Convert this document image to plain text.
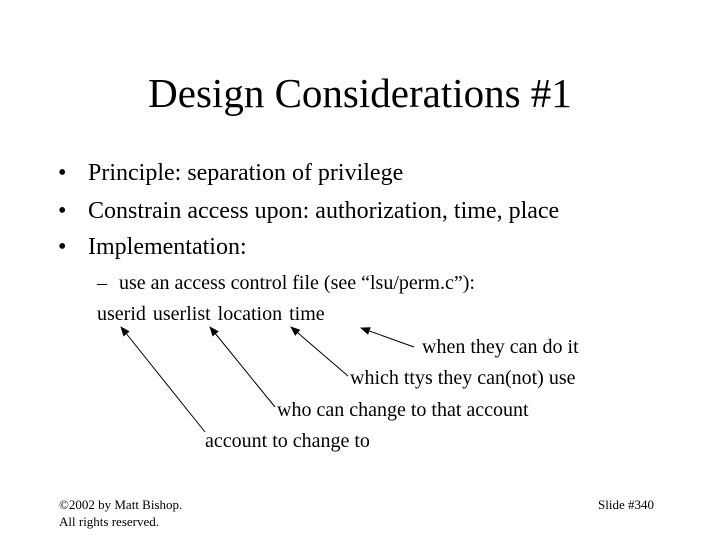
Design Considerations #1
• Principle: separation of privilege
• Constrain access upon: authorization, time, place
• Implementation:
– use an access control file (see “lsu/perm.c”):
userid userlist location time
when they can do it
which ttys they can(not) use
who can change to that account
account to change to
©2002 by Matt Bishop.
All rights reserved.
Slide #340
